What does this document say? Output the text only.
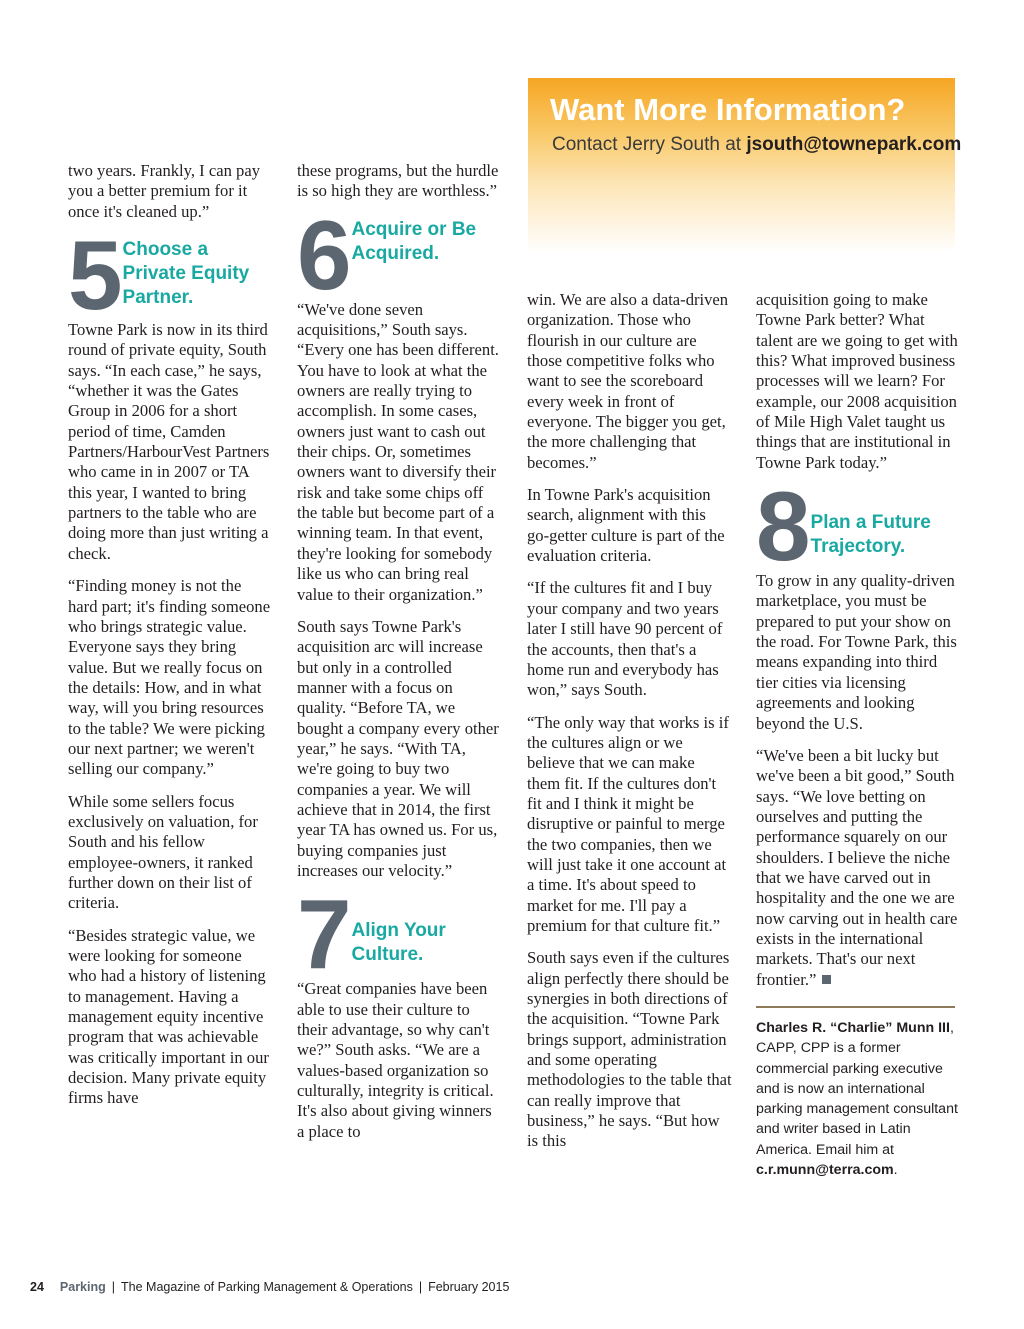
Want More Information?
Contact Jerry South at jsouth@townepark.com

two years. Frankly, I can pay you a better premium for it once it's cleaned up.”

5 Choose a Private Equity Partner.

Towne Park is now in its third round of private equity, South says. “In each case,” he says, “whether it was the Gates Group in 2006 for a short period of time, Camden Partners/HarbourVest Partners who came in in 2007 or TA this year, I wanted to bring partners to the table who are doing more than just writing a check.

“Finding money is not the hard part; it's finding someone who brings strategic value. Everyone says they bring value. But we really focus on the details: How, and in what way, will you bring resources to the table? We were picking our next partner; we weren't selling our company.”

While some sellers focus exclusively on valuation, for South and his fellow employee-owners, it ranked further down on their list of criteria.

“Besides strategic value, we were looking for someone who had a history of listening to management. Having a management equity incentive program that was achievable was critically important in our decision. Many private equity firms have

these programs, but the hurdle is so high they are worthless.”

6 Acquire or Be Acquired.

“We've done seven acquisitions,” South says. “Every one has been different. You have to look at what the owners are really trying to accomplish. In some cases, owners just want to cash out their chips. Or, sometimes owners want to diversify their risk and take some chips off the table but become part of a winning team. In that event, they're looking for somebody like us who can bring real value to their organization.”

South says Towne Park's acquisition arc will increase but only in a controlled manner with a focus on quality. “Before TA, we bought a company every other year,” he says. “With TA, we're going to buy two companies a year. We will achieve that in 2014, the first year TA has owned us. For us, buying companies just increases our velocity.”

7 Align Your Culture.

“Great companies have been able to use their culture to their advantage, so why can't we?” South asks. “We are a values-based organization so culturally, integrity is critical. It's also about giving winners a place to

win. We are also a data-driven organization. Those who flourish in our culture are those competitive folks who want to see the scoreboard every week in front of everyone. The bigger you get, the more challenging that becomes.”

In Towne Park's acquisition search, alignment with this go-getter culture is part of the evaluation criteria.

“If the cultures fit and I buy your company and two years later I still have 90 percent of the accounts, then that's a home run and everybody has won,” says South.

“The only way that works is if the cultures align or we believe that we can make them fit. If the cultures don't fit and I think it might be disruptive or painful to merge the two companies, then we will just take it one account at a time. It's about speed to market for me. I'll pay a premium for that culture fit.”

South says even if the cultures align perfectly there should be synergies in both directions of the acquisition. “Towne Park brings support, administration and some operating methodologies to the table that can really improve that business,” he says. “But how is this

acquisition going to make Towne Park better? What talent are we going to get with this? What improved business processes will we learn? For example, our 2008 acquisition of Mile High Valet taught us things that are institutional in Towne Park today.”

8 Plan a Future Trajectory.

To grow in any quality-driven marketplace, you must be prepared to put your show on the road. For Towne Park, this means expanding into third tier cities via licensing agreements and looking beyond the U.S.

“We've been a bit lucky but we've been a bit good,” South says. “We love betting on ourselves and putting the performance squarely on our shoulders. I believe the niche that we have carved out in hospitality and the one we are now carving out in health care exists in the international markets. That's our next frontier.”

Charles R. “Charlie” Munn III, CAPP, CPP is a former commercial parking executive and is now an international parking management consultant and writer based in Latin America. Email him at c.r.munn@terra.com.
24 Parking | The Magazine of Parking Management & Operations | February 2015
